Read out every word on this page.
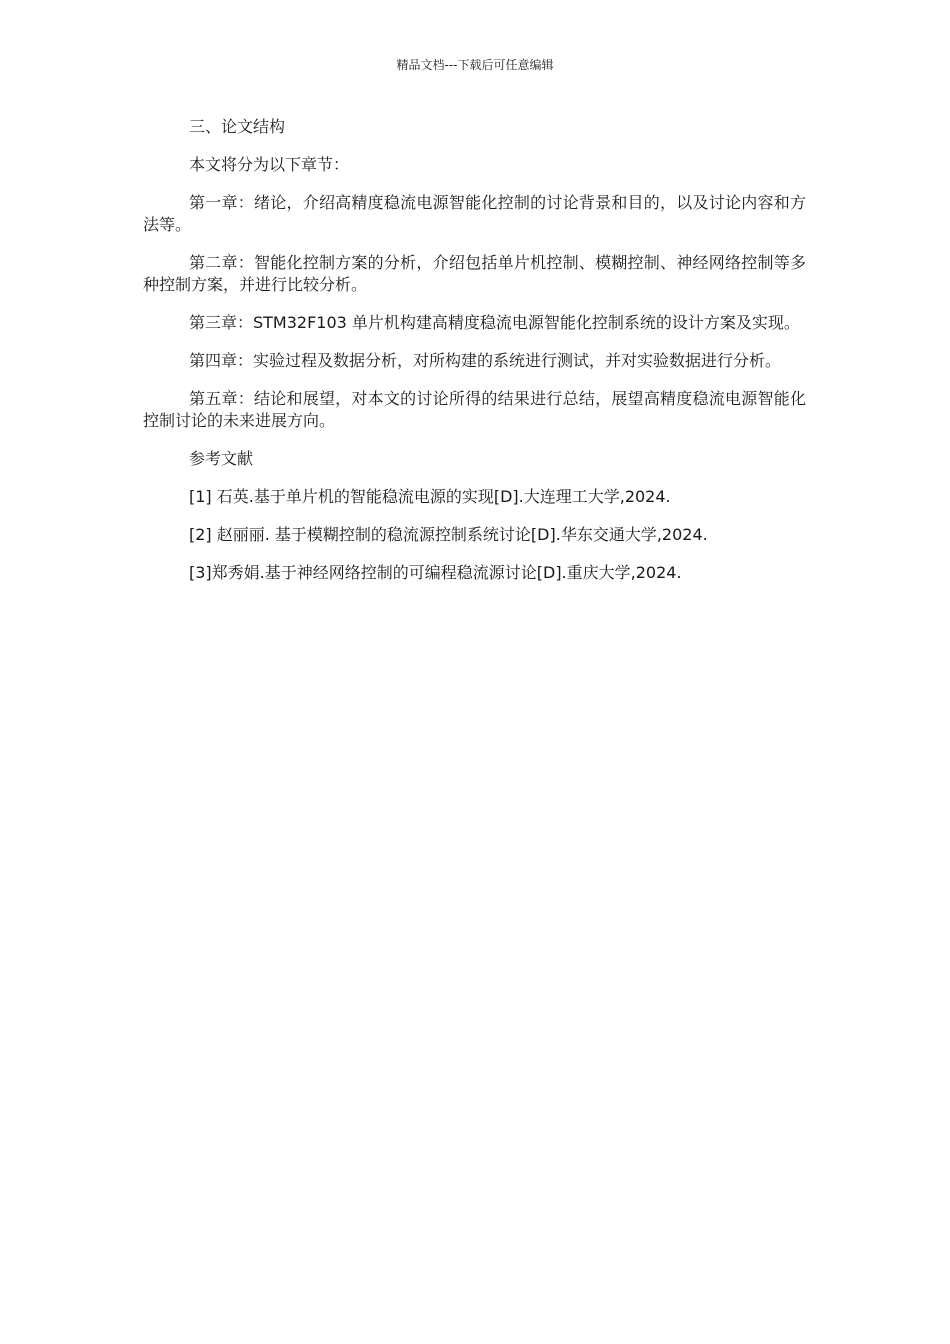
精品文档---下载后可任意编辑

三、论文结构

本文将分为以下章节：

第一章：绪论，介绍高精度稳流电源智能化控制的讨论背景和目的，以及讨论内容和方法等。

第二章：智能化控制方案的分析，介绍包括单片机控制、模糊控制、神经网络控制等多种控制方案，并进行比较分析。

第三章：STM32F103 单片机构建高精度稳流电源智能化控制系统的设计方案及实现。

第四章：实验过程及数据分析，对所构建的系统进行测试，并对实验数据进行分析。

第五章：结论和展望，对本文的讨论所得的结果进行总结，展望高精度稳流电源智能化控制讨论的未来进展方向。

参考文献

[1] 石英.基于单片机的智能稳流电源的实现[D].大连理工大学,2024.

[2] 赵丽丽. 基于模糊控制的稳流源控制系统讨论[D].华东交通大学,2024.

[3]郑秀娟.基于神经网络控制的可编程稳流源讨论[D].重庆大学,2024.
